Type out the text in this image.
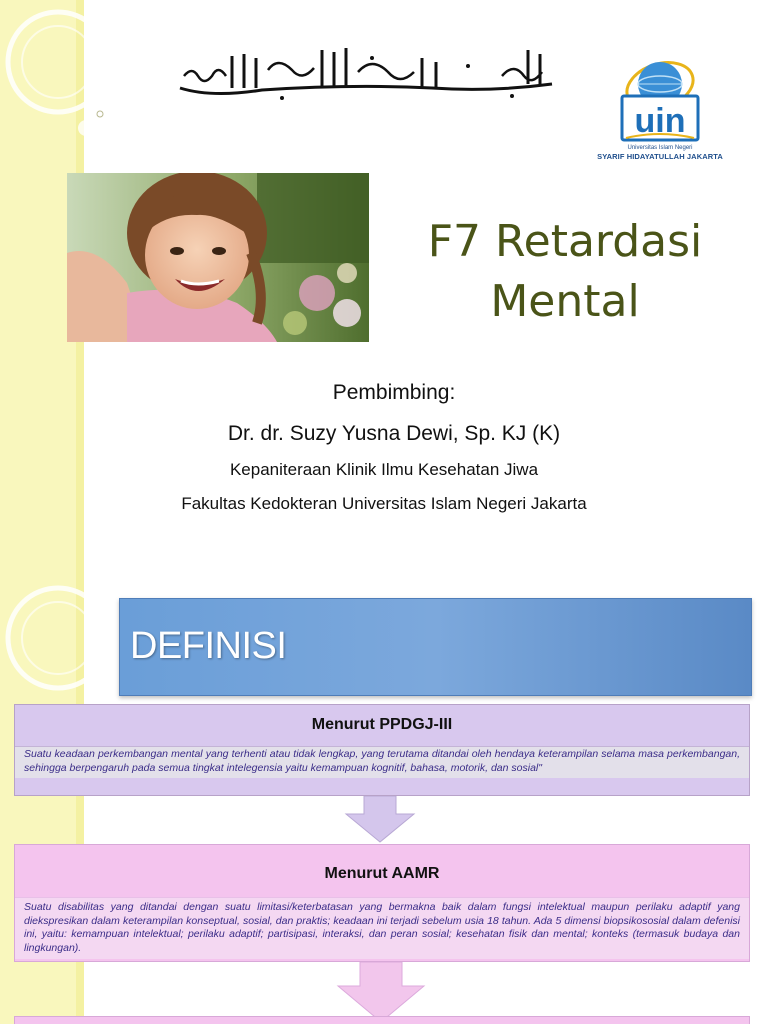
uin
Universitas Islam Negeri
SYARIF HIDAYATULLAH JAKARTA
F7 Retardasi
Mental
Pembimbing:
Dr. dr. Suzy Yusna Dewi, Sp. KJ (K)
Kepaniteraan Klinik Ilmu Kesehatan Jiwa
Fakultas Kedokteran Universitas Islam Negeri Jakarta
DEFINISI
Menurut PPDGJ-III
Suatu keadaan perkembangan mental yang terhenti atau tidak lengkap, yang terutama ditandai oleh hendaya keterampilan selama masa perkembangan, sehingga berpengaruh pada semua tingkat intelegensia yaitu kemampuan kognitif, bahasa, motorik, dan sosial"
Menurut AAMR
Suatu disabilitas yang ditandai dengan suatu limitasi/keterbatasan yang bermakna baik dalam fungsi intelektual maupun perilaku adaptif yang diekspresikan dalam keterampilan konseptual, sosial, dan praktis; keadaan ini terjadi sebelum usia 18 tahun. Ada 5 dimensi biopsikososial dalam defenisi ini, yaitu: kemampuan intelektual; perilaku adaptif; partisipasi, interaksi, dan peran sosial; kesehatan fisik dan mental; konteks (termasuk budaya dan lingkungan).
